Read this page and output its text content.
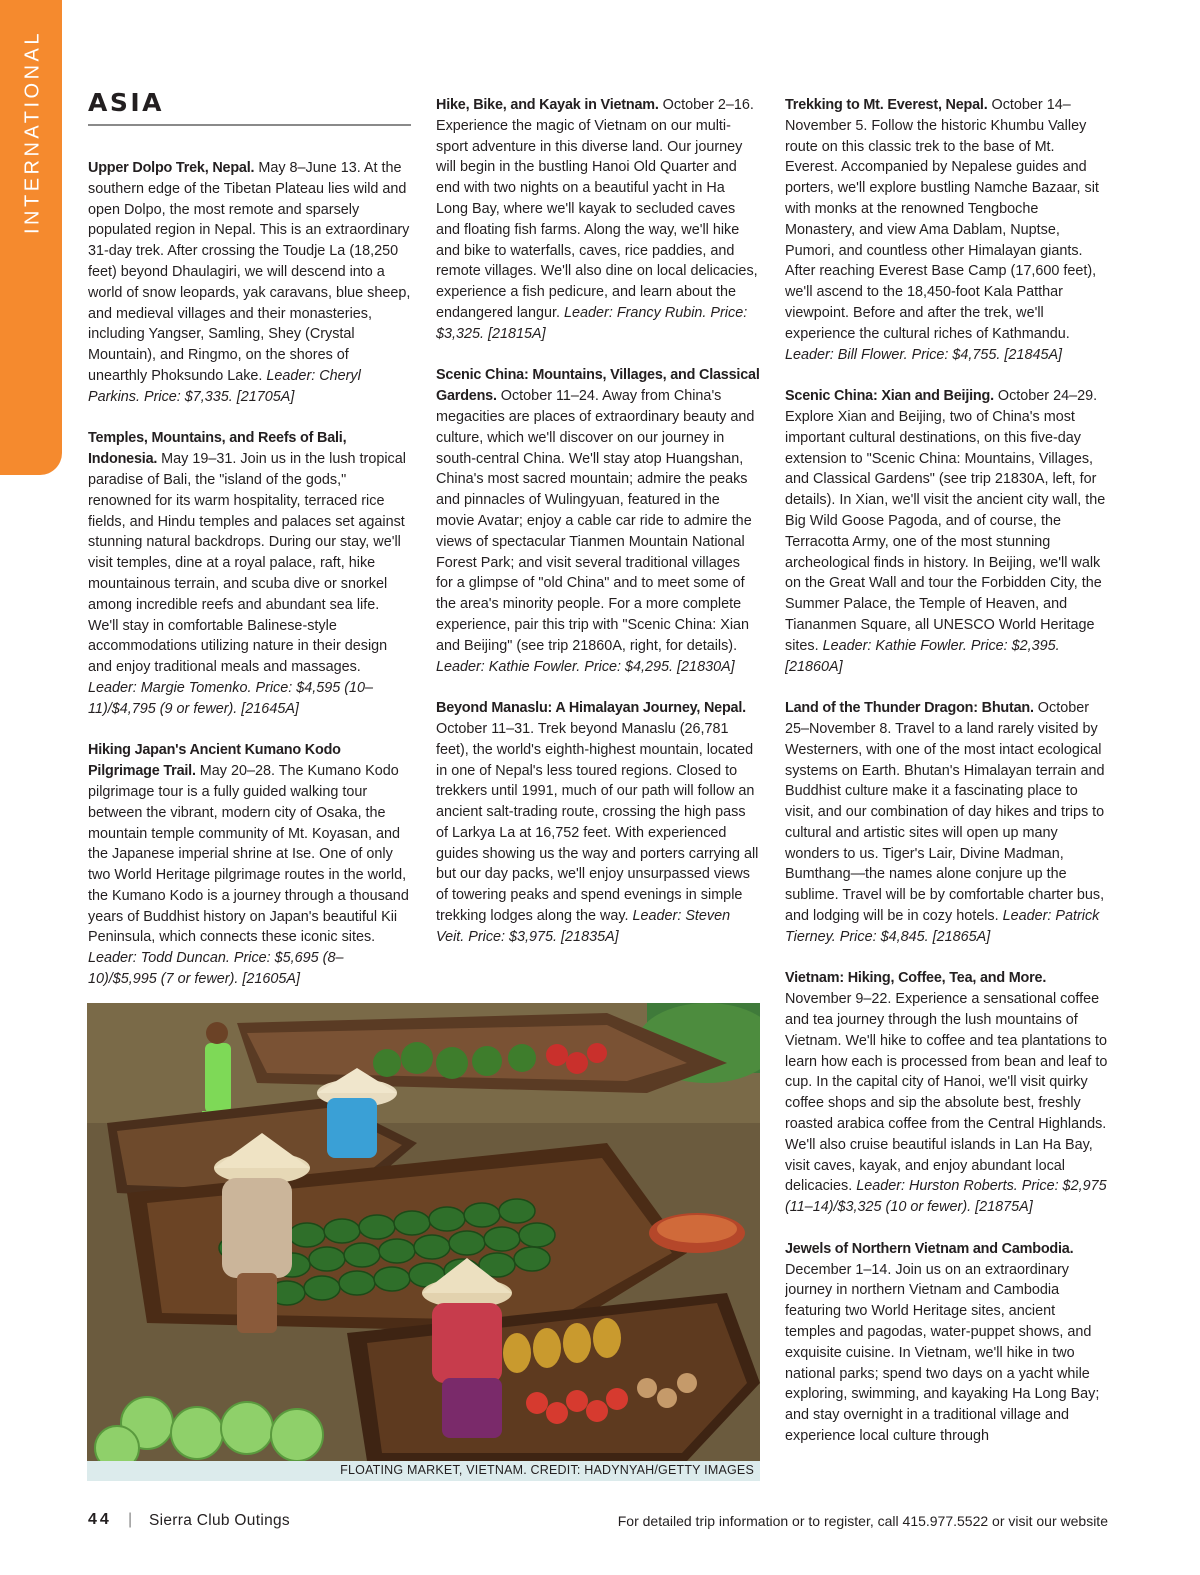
INTERNATIONAL ASIA

Upper Dolpo Trek, Nepal. May 8–June 13. At the southern edge of the Tibetan Plateau lies wild and open Dolpo, the most remote and sparsely populated region in Nepal. This is an extraordinary 31-day trek. After crossing the Toudje La (18,250 feet) beyond Dhaulagiri, we will descend into a world of snow leopards, yak caravans, blue sheep, and medieval villages and their monasteries, including Yangser, Samling, Shey (Crystal Mountain), and Ringmo, on the shores of unearthly Phoksundo Lake. Leader: Cheryl Parkins. Price: $7,335. [21705A]

Temples, Mountains, and Reefs of Bali, Indonesia. May 19–31. Join us in the lush tropical paradise of Bali, the "island of the gods," renowned for its warm hospitality, terraced rice fields, and Hindu temples and palaces set against stunning natural backdrops. During our stay, we'll visit temples, dine at a royal palace, raft, hike mountainous terrain, and scuba dive or snorkel among incredible reefs and abundant sea life. We'll stay in comfortable Balinese-style accommodations utilizing nature in their design and enjoy traditional meals and massages. Leader: Margie Tomenko. Price: $4,595 (10–11)/$4,795 (9 or fewer). [21645A]

Hiking Japan's Ancient Kumano Kodo Pilgrimage Trail. May 20–28. The Kumano Kodo pilgrimage tour is a fully guided walking tour between the vibrant, modern city of Osaka, the mountain temple community of Mt. Koyasan, and the Japanese imperial shrine at Ise. One of only two World Heritage pilgrimage routes in the world, the Kumano Kodo is a journey through a thousand years of Buddhist history on Japan's beautiful Kii Peninsula, which connects these iconic sites. Leader: Todd Duncan. Price: $5,695 (8–10)/$5,995 (7 or fewer). [21605A]

Hike, Bike, and Kayak in Vietnam. October 2–16. Experience the magic of Vietnam on our multi-sport adventure in this diverse land. Our journey will begin in the bustling Hanoi Old Quarter and end with two nights on a beautiful yacht in Ha Long Bay, where we'll kayak to secluded caves and floating fish farms. Along the way, we'll hike and bike to waterfalls, caves, rice paddies, and remote villages. We'll also dine on local delicacies, experience a fish pedicure, and learn about the endangered langur. Leader: Francy Rubin. Price: $3,325. [21815A]

Scenic China: Mountains, Villages, and Classical Gardens. October 11–24. Away from China's megacities are places of extraordinary beauty and culture, which we'll discover on our journey in south-central China. We'll stay atop Huangshan, China's most sacred mountain; admire the peaks and pinnacles of Wulingyuan, featured in the movie Avatar; enjoy a cable car ride to admire the views of spectacular Tianmen Mountain National Forest Park; and visit several traditional villages for a glimpse of "old China" and to meet some of the area's minority people. For a more complete experience, pair this trip with "Scenic China: Xian and Beijing" (see trip 21860A, right, for details). Leader: Kathie Fowler. Price: $4,295. [21830A]

Beyond Manaslu: A Himalayan Journey, Nepal. October 11–31. Trek beyond Manaslu (26,781 feet), the world's eighth-highest mountain, located in one of Nepal's less toured regions. Closed to trekkers until 1991, much of our path will follow an ancient salt-trading route, crossing the high pass of Larkya La at 16,752 feet. With experienced guides showing us the way and porters carrying all but our day packs, we'll enjoy unsurpassed views of towering peaks and spend evenings in simple trekking lodges along the way. Leader: Steven Veit. Price: $3,975. [21835A]

Trekking to Mt. Everest, Nepal. October 14–November 5. Follow the historic Khumbu Valley route on this classic trek to the base of Mt. Everest. Accompanied by Nepalese guides and porters, we'll explore bustling Namche Bazaar, sit with monks at the renowned Tengboche Monastery, and view Ama Dablam, Nuptse, Pumori, and countless other Himalayan giants. After reaching Everest Base Camp (17,600 feet), we'll ascend to the 18,450-foot Kala Patthar viewpoint. Before and after the trek, we'll experience the cultural riches of Kathmandu. Leader: Bill Flower. Price: $4,755. [21845A]

Scenic China: Xian and Beijing. October 24–29. Explore Xian and Beijing, two of China's most important cultural destinations, on this five-day extension to "Scenic China: Mountains, Villages, and Classical Gardens" (see trip 21830A, left, for details). In Xian, we'll visit the ancient city wall, the Big Wild Goose Pagoda, and of course, the Terracotta Army, one of the most stunning archeological finds in history. In Beijing, we'll walk on the Great Wall and tour the Forbidden City, the Summer Palace, the Temple of Heaven, and Tiananmen Square, all UNESCO World Heritage sites. Leader: Kathie Fowler. Price: $2,395. [21860A]

Land of the Thunder Dragon: Bhutan. October 25–November 8. Travel to a land rarely visited by Westerners, with one of the most intact ecological systems on Earth. Bhutan's Himalayan terrain and Buddhist culture make it a fascinating place to visit, and our combination of day hikes and trips to cultural and artistic sites will open up many wonders to us. Tiger's Lair, Divine Madman, Bumthang—the names alone conjure up the sublime. Travel will be by comfortable charter bus, and lodging will be in cozy hotels. Leader: Patrick Tierney. Price: $4,845. [21865A]

Vietnam: Hiking, Coffee, Tea, and More. November 9–22. Experience a sensational coffee and tea journey through the lush mountains of Vietnam. We'll hike to coffee and tea plantations to learn how each is processed from bean and leaf to cup. In the capital city of Hanoi, we'll visit quirky coffee shops and sip the absolute best, freshly roasted arabica coffee from the Central Highlands. We'll also cruise beautiful islands in Lan Ha Bay, visit caves, kayak, and enjoy abundant local delicacies. Leader: Hurston Roberts. Price: $2,975 (11–14)/$3,325 (10 or fewer). [21875A]

Jewels of Northern Vietnam and Cambodia. December 1–14. Join us on an extraordinary journey in northern Vietnam and Cambodia featuring two World Heritage sites, ancient temples and pagodas, water-puppet shows, and exquisite cuisine. In Vietnam, we'll hike in two national parks; spend two days on a yacht while exploring, swimming, and kayaking Ha Long Bay; and stay overnight in a traditional village and experience local culture through

FLOATING MARKET, VIETNAM. CREDIT: HADYNYAH/GETTY IMAGES
44 | Sierra Club Outings	For detailed trip information or to register, call 415.977.5522 or visit our website
